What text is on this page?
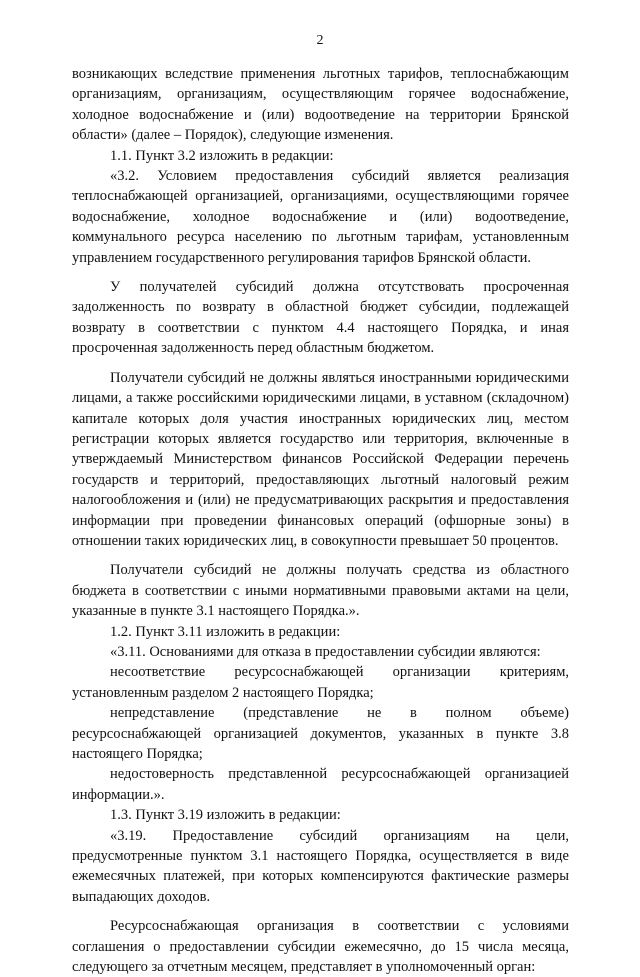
2

возникающих вследствие применения льготных тарифов, теплоснабжающим организациям, организациям, осуществляющим горячее водоснабжение, холодное водоснабжение и (или) водоотведение на территории Брянской области» (далее – Порядок), следующие изменения.

1.1. Пункт 3.2 изложить в редакции:

«3.2. Условием предоставления субсидий является реализация теплоснабжающей организацией, организациями, осуществляющими горячее водоснабжение, холодное водоснабжение и (или) водоотведение, коммунального ресурса населению по льготным тарифам, установленным управлением государственного регулирования тарифов Брянской области.

У получателей субсидий должна отсутствовать просроченная задолженность по возврату в областной бюджет субсидии, подлежащей возврату в соответствии с пунктом 4.4 настоящего Порядка, и иная просроченная задолженность перед областным бюджетом.

Получатели субсидий не должны являться иностранными юридическими лицами, а также российскими юридическими лицами, в уставном (складочном) капитале которых доля участия иностранных юридических лиц, местом регистрации которых является государство или территория, включенные в утверждаемый Министерством финансов Российской Федерации перечень государств и территорий, предоставляющих льготный налоговый режим налогообложения и (или) не предусматривающих раскрытия и предоставления информации при проведении финансовых операций (офшорные зоны) в отношении таких юридических лиц, в совокупности превышает 50 процентов.

Получатели субсидий не должны получать средства из областного бюджета в соответствии с иными нормативными правовыми актами на цели, указанные в пункте 3.1 настоящего Порядка.».

1.2. Пункт 3.11 изложить в редакции:

«3.11. Основаниями для отказа в предоставлении субсидии являются:

несоответствие ресурсоснабжающей организации критериям, установленным разделом 2 настоящего Порядка;

непредставление (представление не в полном объеме) ресурсоснабжающей организацией документов, указанных в пункте 3.8 настоящего Порядка;

недостоверность представленной ресурсоснабжающей организацией информации.».

1.3. Пункт 3.19 изложить в редакции:

«3.19. Предоставление субсидий организациям на цели, предусмотренные пунктом 3.1 настоящего Порядка, осуществляется в виде ежемесячных платежей, при которых компенсируются фактические размеры выпадающих доходов.

Ресурсоснабжающая организация в соответствии с условиями соглашения о предоставлении субсидии ежемесячно, до 15 числа месяца, следующего за отчетным месяцем, представляет в уполномоченный орган:
